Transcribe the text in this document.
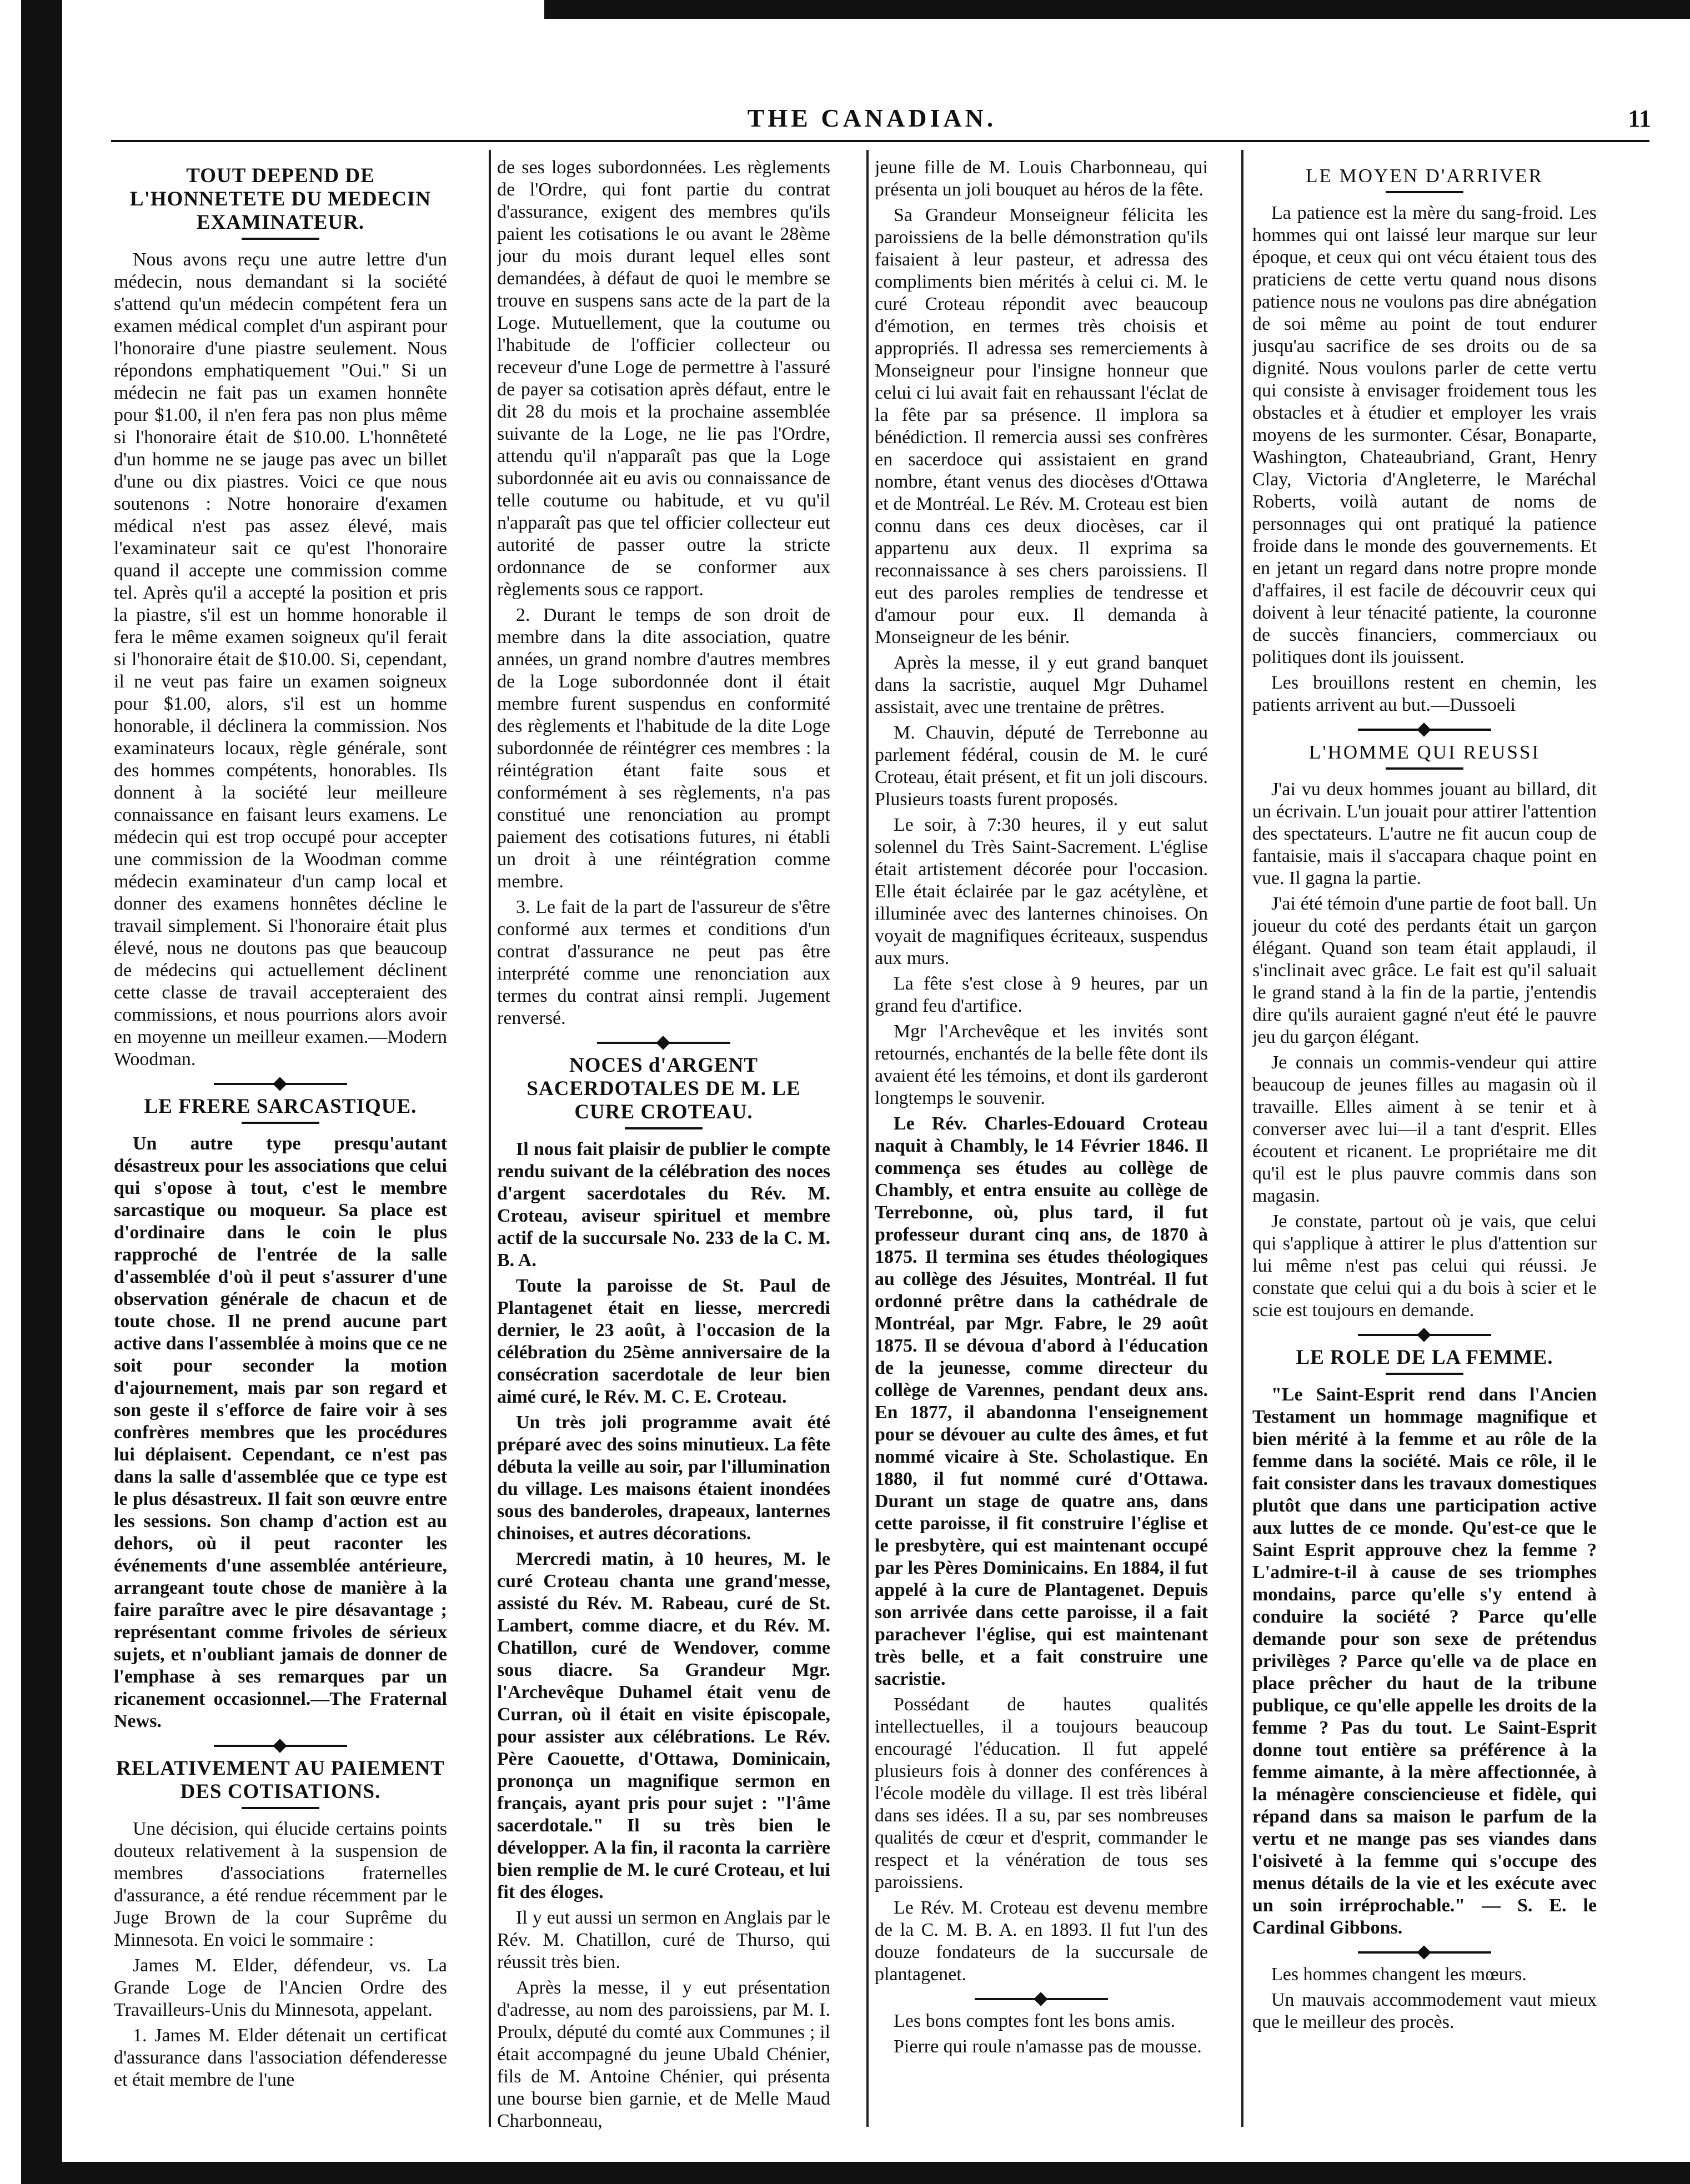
THE CANADIAN.	11
TOUT DEPEND DE L'HONNETETE DU MEDECIN EXAMINATEUR.

Nous avons reçu une autre lettre d'un médecin, nous demandant si la société s'attend qu'un médecin compétent fera un examen médical complet d'un aspirant pour l'honoraire d'une piastre seulement. Nous répondons emphatiquement "Oui." Si un médecin ne fait pas un examen honnête pour $1.00, il n'en fera pas non plus même si l'honoraire était de $10.00. L'honnêteté d'un homme ne se jauge pas avec un billet d'une ou dix piastres. Voici ce que nous soutenons : Notre honoraire d'examen médical n'est pas assez élevé, mais l'examinateur sait ce qu'est l'honoraire quand il accepte une commission comme tel. Après qu'il a accepté la position et pris la piastre, s'il est un homme honorable il fera le même examen soigneux qu'il ferait si l'honoraire était de $10.00. Si, cependant, il ne veut pas faire un examen soigneux pour $1.00, alors, s'il est un homme honorable, il déclinera la commission. Nos examinateurs locaux, règle générale, sont des hommes compétents, honorables. Ils donnent à la société leur meilleure connaissance en faisant leurs examens. Le médecin qui est trop occupé pour accepter une commission de la Woodman comme médecin examinateur d'un camp local et donner des examens honnêtes décline le travail simplement. Si l'honoraire était plus élevé, nous ne doutons pas que beaucoup de médecins qui actuellement déclinent cette classe de travail accepteraient des commissions, et nous pourrions alors avoir en moyenne un meilleur examen.—Modern Woodman.

LE FRERE SARCASTIQUE.

Un autre type presqu'autant désastreux pour les associations que celui qui s'opose à tout, c'est le membre sarcastique ou moqueur. Sa place est d'ordinaire dans le coin le plus rapproché de l'entrée de la salle d'assemblée d'où il peut s'assurer d'une observation générale de chacun et de toute chose. Il ne prend aucune part active dans l'assemblée à moins que ce ne soit pour seconder la motion d'ajournement, mais par son regard et son geste il s'efforce de faire voir à ses confrères membres que les procédures lui déplaisent. Cependant, ce n'est pas dans la salle d'assemblée que ce type est le plus désastreux. Il fait son œuvre entre les sessions. Son champ d'action est au dehors, où il peut raconter les événements d'une assemblée antérieure, arrangeant toute chose de manière à la faire paraître avec le pire désavantage ; représentant comme frivoles de sérieux sujets, et n'oubliant jamais de donner de l'emphase à ses remarques par un ricanement occasionnel.—The Fraternal News.

RELATIVEMENT AU PAIEMENT DES COTISATIONS.

Une décision, qui élucide certains points douteux relativement à la suspension de membres d'associations fraternelles d'assurance, a été rendue récemment par le Juge Brown de la cour Suprême du Minnesota. En voici le sommaire :

James M. Elder, défendeur, vs. La Grande Loge de l'Ancien Ordre des Travailleurs-Unis du Minnesota, appelant.

1. James M. Elder détenait un certificat d'assurance dans l'association défenderesse et était membre de l'une

de ses loges subordonnées. Les règlements de l'Ordre, qui font partie du contrat d'assurance, exigent des membres qu'ils paient les cotisations le ou avant le 28ème jour du mois durant lequel elles sont demandées, à défaut de quoi le membre se trouve en suspens sans acte de la part de la Loge. Mutuellement, que la coutume ou l'habitude de l'officier collecteur ou receveur d'une Loge de permettre à l'assuré de payer sa cotisation après défaut, entre le dit 28 du mois et la prochaine assemblée suivante de la Loge, ne lie pas l'Ordre, attendu qu'il n'apparaît pas que la Loge subordonnée ait eu avis ou connaissance de telle coutume ou habitude, et vu qu'il n'apparaît pas que tel officier collecteur eut autorité de passer outre la stricte ordonnance de se conformer aux règlements sous ce rapport.

2. Durant le temps de son droit de membre dans la dite association, quatre années, un grand nombre d'autres membres de la Loge subordonnée dont il était membre furent suspendus en conformité des règlements et l'habitude de la dite Loge subordonnée de réintégrer ces membres : la réintégration étant faite sous et conformément à ses règlements, n'a pas constitué une renonciation au prompt paiement des cotisations futures, ni établi un droit à une réintégration comme membre.

3. Le fait de la part de l'assureur de s'être conformé aux termes et conditions d'un contrat d'assurance ne peut pas être interprété comme une renonciation aux termes du contrat ainsi rempli. Jugement renversé.

NOCES d'ARGENT SACERDOTALES DE M. LE CURE CROTEAU.

Il nous fait plaisir de publier le compte rendu suivant de la célébration des noces d'argent sacerdotales du Rév. M. Croteau, aviseur spirituel et membre actif de la succursale No. 233 de la C. M. B. A.

Toute la paroisse de St. Paul de Plantagenet était en liesse, mercredi dernier, le 23 août, à l'occasion de la célébration du 25ème anniversaire de la consécration sacerdotale de leur bien aimé curé, le Rév. M. C. E. Croteau.

Un très joli programme avait été préparé avec des soins minutieux. La fête débuta la veille au soir, par l'illumination du village. Les maisons étaient inondées sous des banderoles, drapeaux, lanternes chinoises, et autres décorations.

Mercredi matin, à 10 heures, M. le curé Croteau chanta une grand'messe, assisté du Rév. M. Rabeau, curé de St. Lambert, comme diacre, et du Rév. M. Chatillon, curé de Wendover, comme sous diacre. Sa Grandeur Mgr. l'Archevêque Duhamel était venu de Curran, où il était en visite épiscopale, pour assister aux célébrations. Le Rév. Père Caouette, d'Ottawa, Dominicain, prononça un magnifique sermon en français, ayant pris pour sujet : "l'âme sacerdotale." Il su très bien le développer. A la fin, il raconta la carrière bien remplie de M. le curé Croteau, et lui fit des éloges.

Il y eut aussi un sermon en Anglais par le Rév. M. Chatillon, curé de Thurso, qui réussit très bien.

Après la messe, il y eut présentation d'adresse, au nom des paroissiens, par M. I. Proulx, député du comté aux Communes ; il était accompagné du jeune Ubald Chénier, fils de M. Antoine Chénier, qui présenta une bourse bien garnie, et de Melle Maud Charbonneau,

jeune fille de M. Louis Charbonneau, qui présenta un joli bouquet au héros de la fête.

Sa Grandeur Monseigneur félicita les paroissiens de la belle démonstration qu'ils faisaient à leur pasteur, et adressa des compliments bien mérités à celui ci. M. le curé Croteau répondit avec beaucoup d'émotion, en termes très choisis et appropriés. Il adressa ses remerciements à Monseigneur pour l'insigne honneur que celui ci lui avait fait en rehaussant l'éclat de la fête par sa présence. Il implora sa bénédiction. Il remercia aussi ses confrères en sacerdoce qui assistaient en grand nombre, étant venus des diocèses d'Ottawa et de Montréal. Le Rév. M. Croteau est bien connu dans ces deux diocèses, car il appartenu aux deux. Il exprima sa reconnaissance à ses chers paroissiens. Il eut des paroles remplies de tendresse et d'amour pour eux. Il demanda à Monseigneur de les bénir.

Après la messe, il y eut grand banquet dans la sacristie, auquel Mgr Duhamel assistait, avec une trentaine de prêtres.

M. Chauvin, député de Terrebonne au parlement fédéral, cousin de M. le curé Croteau, était présent, et fit un joli discours. Plusieurs toasts furent proposés.

Le soir, à 7:30 heures, il y eut salut solennel du Très Saint-Sacrement. L'église était artistement décorée pour l'occasion. Elle était éclairée par le gaz acétylène, et illuminée avec des lanternes chinoises. On voyait de magnifiques écriteaux, suspendus aux murs.

La fête s'est close à 9 heures, par un grand feu d'artifice.

Mgr l'Archevêque et les invités sont retournés, enchantés de la belle fête dont ils avaient été les témoins, et dont ils garderont longtemps le souvenir.

Le Rév. Charles-Edouard Croteau naquit à Chambly, le 14 Février 1846. Il commença ses études au collège de Chambly, et entra ensuite au collège de Terrebonne, où, plus tard, il fut professeur durant cinq ans, de 1870 à 1875. Il termina ses études théologiques au collège des Jésuites, Montréal. Il fut ordonné prêtre dans la cathédrale de Montréal, par Mgr. Fabre, le 29 août 1875. Il se dévoua d'abord à l'éducation de la jeunesse, comme directeur du collège de Varennes, pendant deux ans. En 1877, il abandonna l'enseignement pour se dévouer au culte des âmes, et fut nommé vicaire à Ste. Scholastique. En 1880, il fut nommé curé d'Ottawa. Durant un stage de quatre ans, dans cette paroisse, il fit construire l'église et le presbytère, qui est maintenant occupé par les Pères Dominicains. En 1884, il fut appelé à la cure de Plantagenet. Depuis son arrivée dans cette paroisse, il a fait parachever l'église, qui est maintenant très belle, et a fait construire une sacristie.

Possédant de hautes qualités intellectuelles, il a toujours beaucoup encouragé l'éducation. Il fut appelé plusieurs fois à donner des conférences à l'école modèle du village. Il est très libéral dans ses idées. Il a su, par ses nombreuses qualités de cœur et d'esprit, commander le respect et la vénération de tous ses paroissiens.

Le Rév. M. Croteau est devenu membre de la C. M. B. A. en 1893. Il fut l'un des douze fondateurs de la succursale de plantagenet.

Les bons comptes font les bons amis.

Pierre qui roule n'amasse pas de mousse.

LE MOYEN D'ARRIVER

La patience est la mère du sang-froid. Les hommes qui ont laissé leur marque sur leur époque, et ceux qui ont vécu étaient tous des praticiens de cette vertu quand nous disons patience nous ne voulons pas dire abnégation de soi même au point de tout endurer jusqu'au sacrifice de ses droits ou de sa dignité. Nous voulons parler de cette vertu qui consiste à envisager froidement tous les obstacles et à étudier et employer les vrais moyens de les surmonter. César, Bonaparte, Washington, Chateaubriand, Grant, Henry Clay, Victoria d'Angleterre, le Maréchal Roberts, voilà autant de noms de personnages qui ont pratiqué la patience froide dans le monde des gouvernements. Et en jetant un regard dans notre propre monde d'affaires, il est facile de découvrir ceux qui doivent à leur ténacité patiente, la couronne de succès financiers, commerciaux ou politiques dont ils jouissent.

Les brouillons restent en chemin, les patients arrivent au but.—Dussoeli

L'HOMME QUI REUSSI

J'ai vu deux hommes jouant au billard, dit un écrivain. L'un jouait pour attirer l'attention des spectateurs. L'autre ne fit aucun coup de fantaisie, mais il s'accapara chaque point en vue. Il gagna la partie.

J'ai été témoin d'une partie de foot ball. Un joueur du coté des perdants était un garçon élégant. Quand son team était applaudi, il s'inclinait avec grâce. Le fait est qu'il saluait le grand stand à la fin de la partie, j'entendis dire qu'ils auraient gagné n'eut été le pauvre jeu du garçon élégant.

Je connais un commis-vendeur qui attire beaucoup de jeunes filles au magasin où il travaille. Elles aiment à se tenir et à converser avec lui—il a tant d'esprit. Elles écoutent et ricanent. Le propriétaire me dit qu'il est le plus pauvre commis dans son magasin.

Je constate, partout où je vais, que celui qui s'applique à attirer le plus d'attention sur lui même n'est pas celui qui réussi. Je constate que celui qui a du bois à scier et le scie est toujours en demande.

LE ROLE DE LA FEMME.

"Le Saint-Esprit rend dans l'Ancien Testament un hommage magnifique et bien mérité à la femme et au rôle de la femme dans la société. Mais ce rôle, il le fait consister dans les travaux domestiques plutôt que dans une participation active aux luttes de ce monde. Qu'est-ce que le Saint Esprit approuve chez la femme ? L'admire-t-il à cause de ses triomphes mondains, parce qu'elle s'y entend à conduire la société ? Parce qu'elle demande pour son sexe de prétendus privilèges ? Parce qu'elle va de place en place prêcher du haut de la tribune publique, ce qu'elle appelle les droits de la femme ? Pas du tout. Le Saint-Esprit donne tout entière sa préférence à la femme aimante, à la mère affectionnée, à la ménagère consciencieuse et fidèle, qui répand dans sa maison le parfum de la vertu et ne mange pas ses viandes dans l'oisiveté à la femme qui s'occupe des menus détails de la vie et les exécute avec un soin irréprochable." — S. E. le Cardinal Gibbons.

Les hommes changent les mœurs.

Un mauvais accommodement vaut mieux que le meilleur des procès.
